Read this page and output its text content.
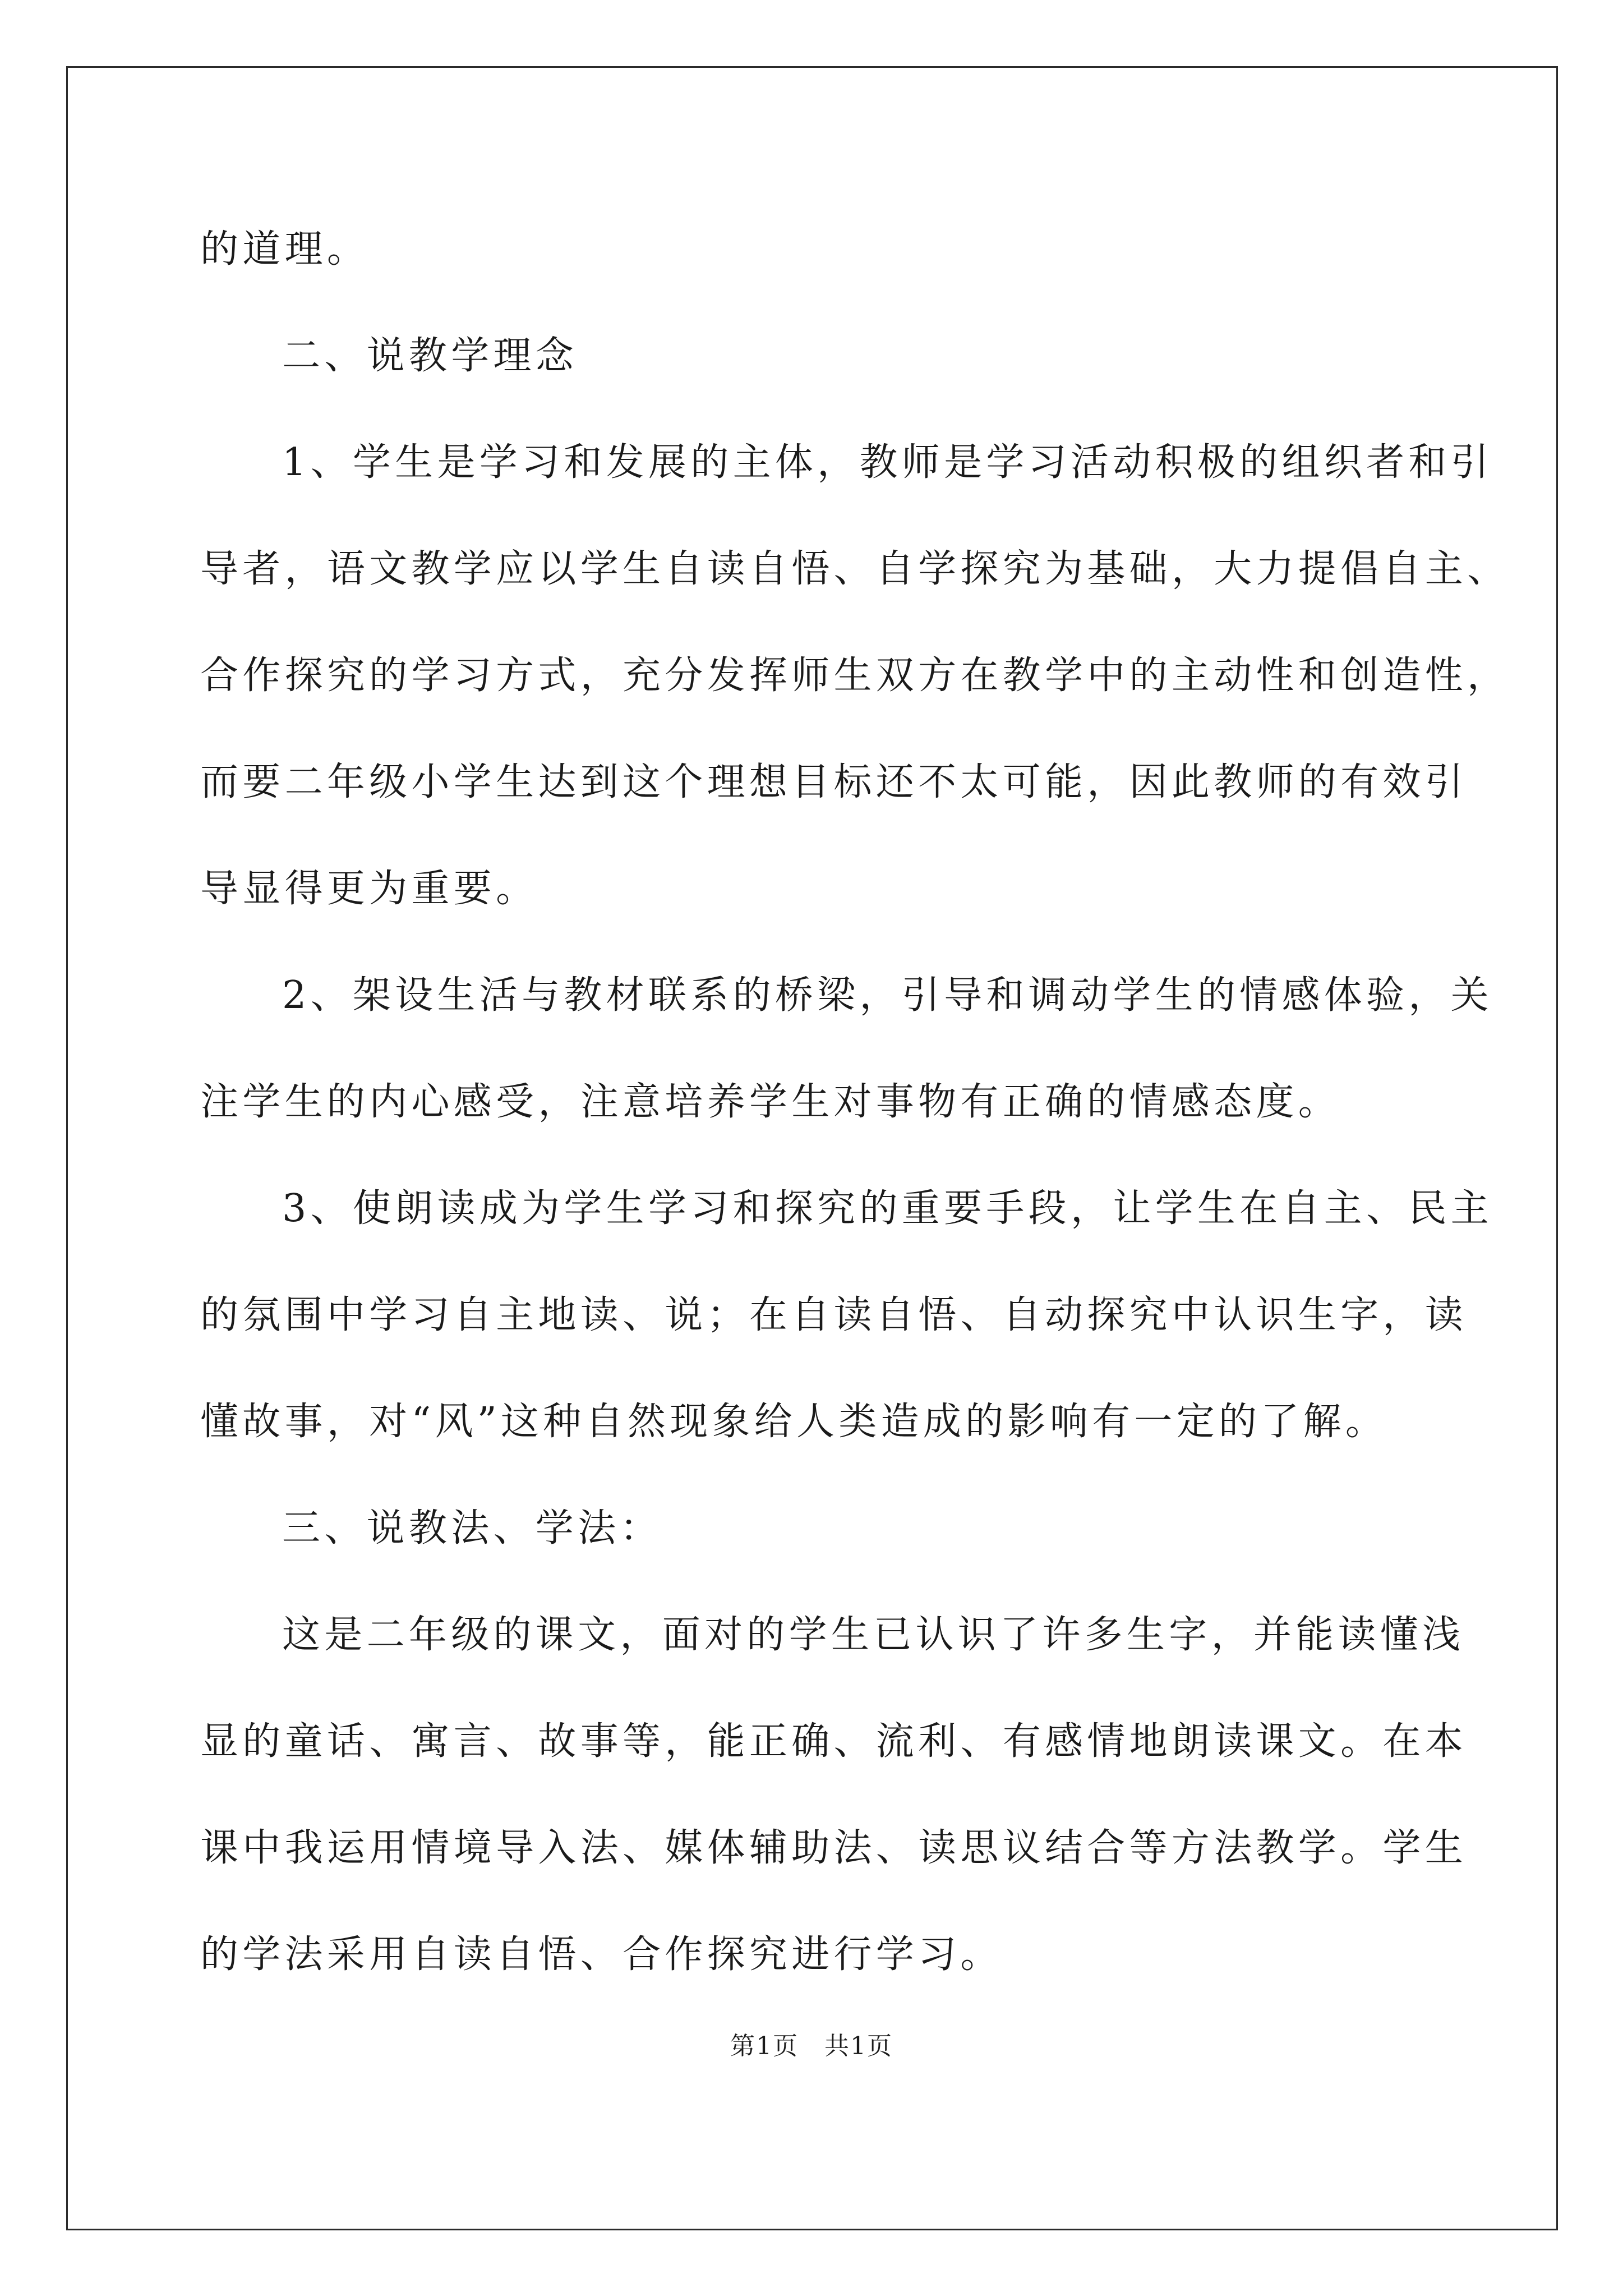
的道理。
二、说教学理念
1、学生是学习和发展的主体，教师是学习活动积极的组织者和引
导者，语文教学应以学生自读自悟、自学探究为基础，大力提倡自主、
合作探究的学习方式，充分发挥师生双方在教学中的主动性和创造性，
而要二年级小学生达到这个理想目标还不太可能，因此教师的有效引
导显得更为重要。
2、架设生活与教材联系的桥梁，引导和调动学生的情感体验，关
注学生的内心感受，注意培养学生对事物有正确的情感态度。
3、使朗读成为学生学习和探究的重要手段，让学生在自主、民主
的氛围中学习自主地读、说；在自读自悟、自动探究中认识生字，读
懂故事，对“风”这种自然现象给人类造成的影响有一定的了解。
三、说教法、学法：
这是二年级的课文，面对的学生已认识了许多生字，并能读懂浅
显的童话、寓言、故事等，能正确、流利、有感情地朗读课文。在本
课中我运用情境导入法、媒体辅助法、读思议结合等方法教学。学生
的学法采用自读自悟、合作探究进行学习。
第1页　共1页
